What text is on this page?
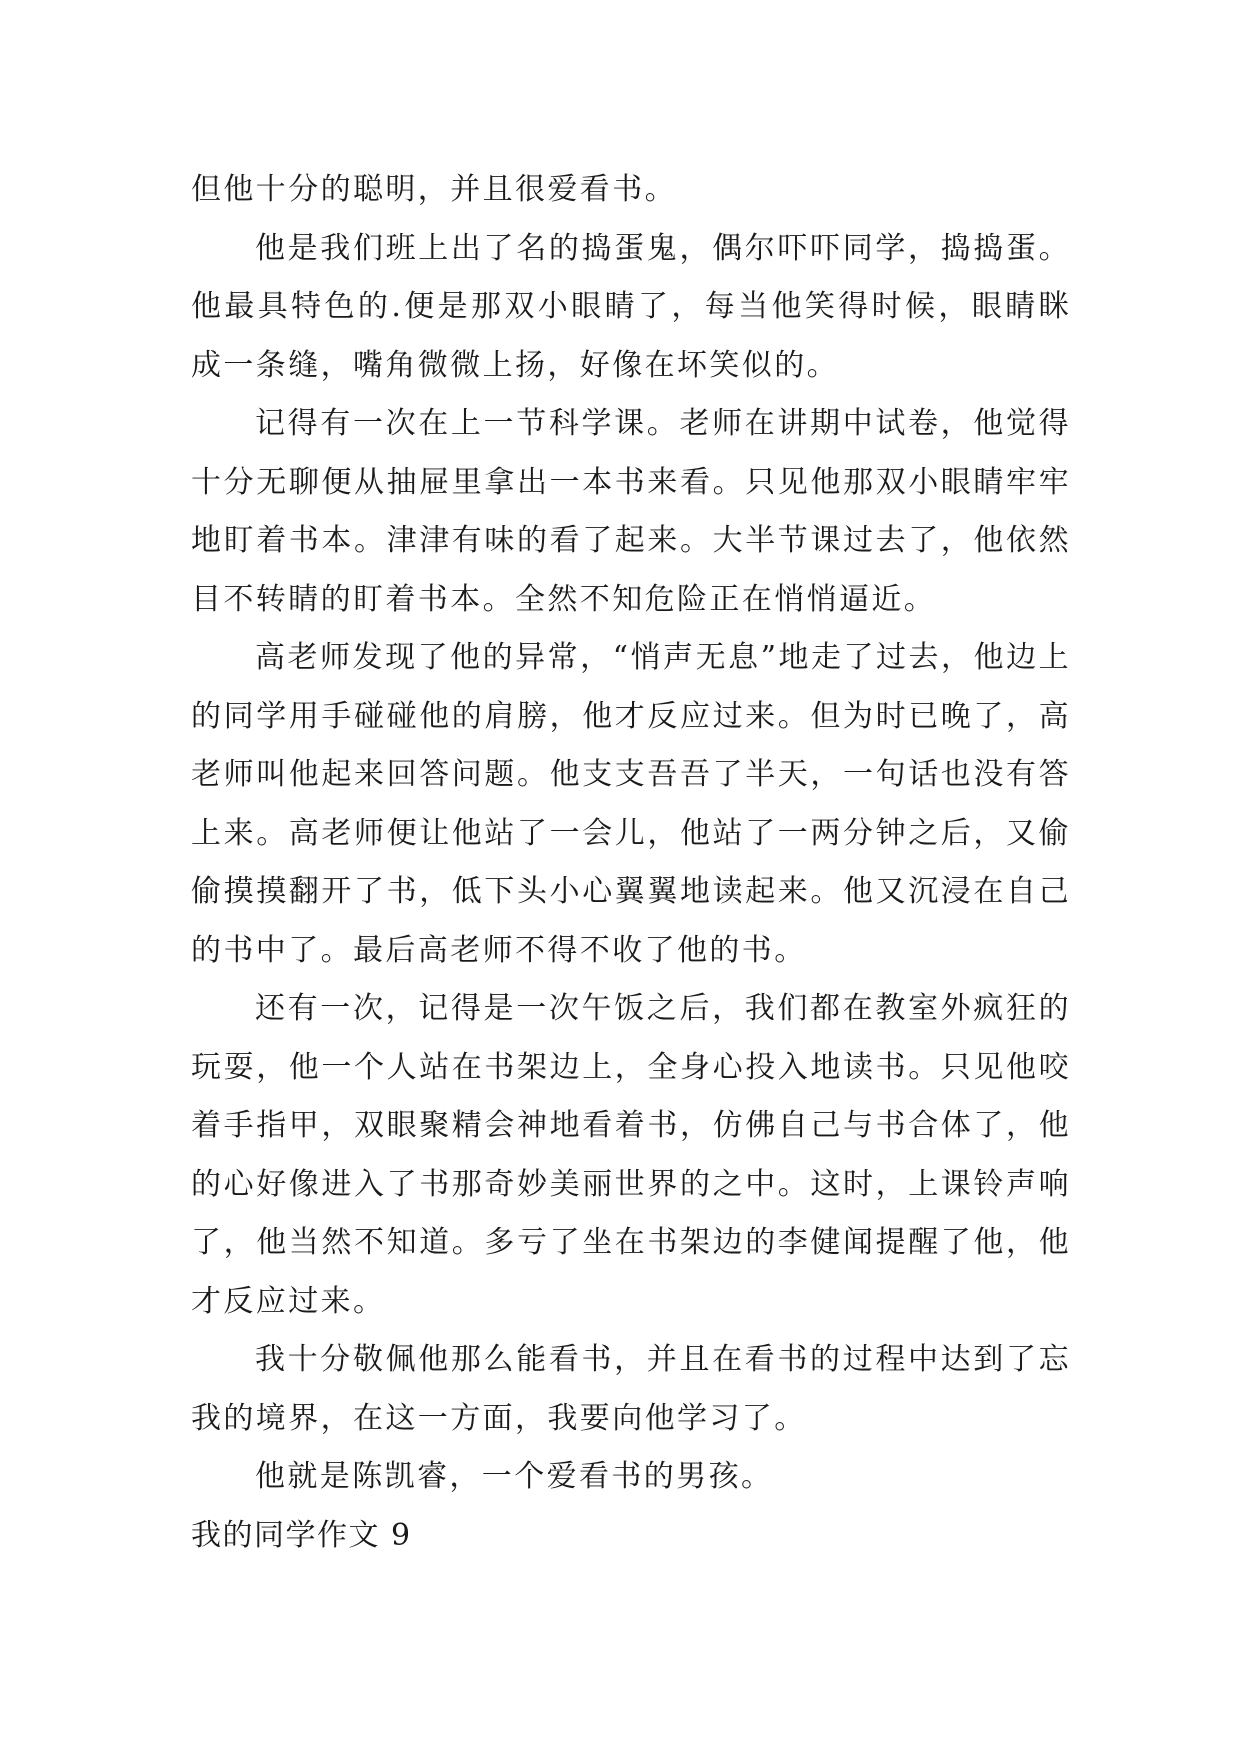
但他十分的聪明，并且很爱看书。

他是我们班上出了名的捣蛋鬼，偶尔吓吓同学，捣捣蛋。他最具特色的.便是那双小眼睛了，每当他笑得时候，眼睛眯成一条缝，嘴角微微上扬，好像在坏笑似的。

记得有一次在上一节科学课。老师在讲期中试卷，他觉得十分无聊便从抽屉里拿出一本书来看。只见他那双小眼睛牢牢地盯着书本。津津有味的看了起来。大半节课过去了，他依然目不转睛的盯着书本。全然不知危险正在悄悄逼近。

高老师发现了他的异常，“悄声无息”地走了过去，他边上的同学用手碰碰他的肩膀，他才反应过来。但为时已晚了，高老师叫他起来回答问题。他支支吾吾了半天，一句话也没有答上来。高老师便让他站了一会儿，他站了一两分钟之后，又偷偷摸摸翻开了书，低下头小心翼翼地读起来。他又沉浸在自己的书中了。最后高老师不得不收了他的书。

还有一次，记得是一次午饭之后，我们都在教室外疯狂的玩耍，他一个人站在书架边上，全身心投入地读书。只见他咬着手指甲，双眼聚精会神地看着书，仿佛自己与书合体了，他的心好像进入了书那奇妙美丽世界的之中。这时，上课铃声响了，他当然不知道。多亏了坐在书架边的李健闻提醒了他，他才反应过来。

我十分敬佩他那么能看书，并且在看书的过程中达到了忘我的境界，在这一方面，我要向他学习了。

他就是陈凯睿，一个爱看书的男孩。

我的同学作文 9
